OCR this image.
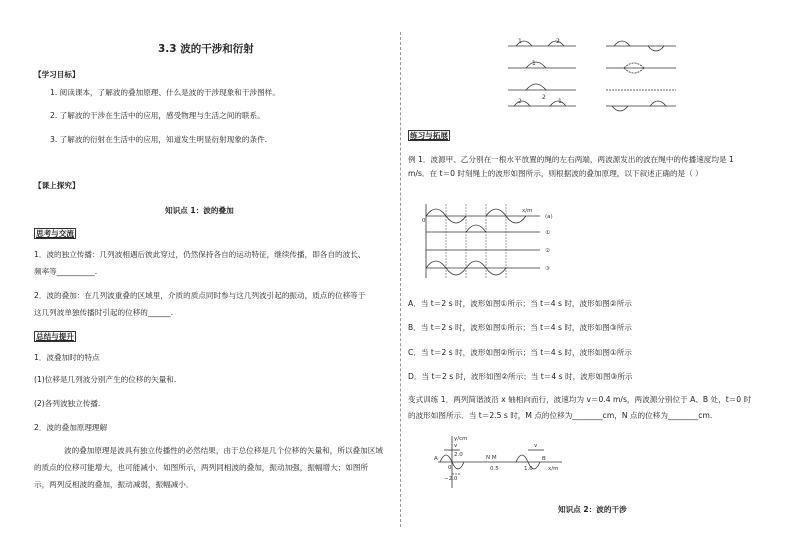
3.3 波的干涉和衍射
【学习目标】
1. 阅读课本，了解波的叠加原理、什么是波的干涉现象和干涉图样。
2. 了解波的干涉在生活中的应用，感受物理与生活之间的联系。
3. 了解波的衍射在生活中的应用，知道发生明显衍射现象的条件.
【课上探究】
知识点 1：波的叠加
思考与交流
1．波的独立传播：几列波相遇后彼此穿过，仍然保持各自的运动特征，继续传播，即各自的波长、
频率等__________.
2．波的叠加：在几列波重叠的区域里，介质的质点同时参与这几列波引起的振动，质点的位移等于
这几列波单独传播时引起的位移的______.
总结与提升
1．波叠加时的特点
(1)位移是几列波分别产生的位移的矢量和.
(2)各列波独立传播.
2．波的叠加原理理解
波的叠加原理是波具有独立传播性的必然结果，由于总位移是几个位移的矢量和，所以叠加区域
的质点的位移可能增大，也可能减小．如图所示，两列同相波的叠加，振动加强，振幅增大；如图所
示，两列反相波的叠加，振动减弱，振幅减小．
1	2
1
2
2	1
练习与拓展
例 1．波源甲、乙分别在一根水平放置的绳的左右两端，两波源发出的波在绳中的传播速度均是 1
m/s．在 t＝0 时刻绳上的波形如图所示，则根据波的叠加原理，以下叙述正确的是（ ）
0
x/m
(a)
①
②
③
A．当 t＝2 s 时，波形如图①所示；当 t＝4 s 时，波形如图②所示
B．当 t＝2 s 时，波形如图①所示；当 t＝4 s 时，波形如图③所示
C．当 t＝2 s 时，波形如图②所示；当 t＝4 s 时，波形如图①所示
D．当 t＝2 s 时，波形如图②所示；当 t＝4 s 时，波形如图③所示
变式训练 1．两列简谐波沿 x 轴相向而行，波速均为 v＝0.4 m/s，两波源分别位于 A、B 处，t＝0 时
的波形如图所示．当 t＝2.5 s 时，M 点的位移为________cm，N 点的位移为________cm.
y/cm
v	v
A	B
2.0
−2.0
0	0.5	1.0
N M
x/m
知识点 2：波的干涉
